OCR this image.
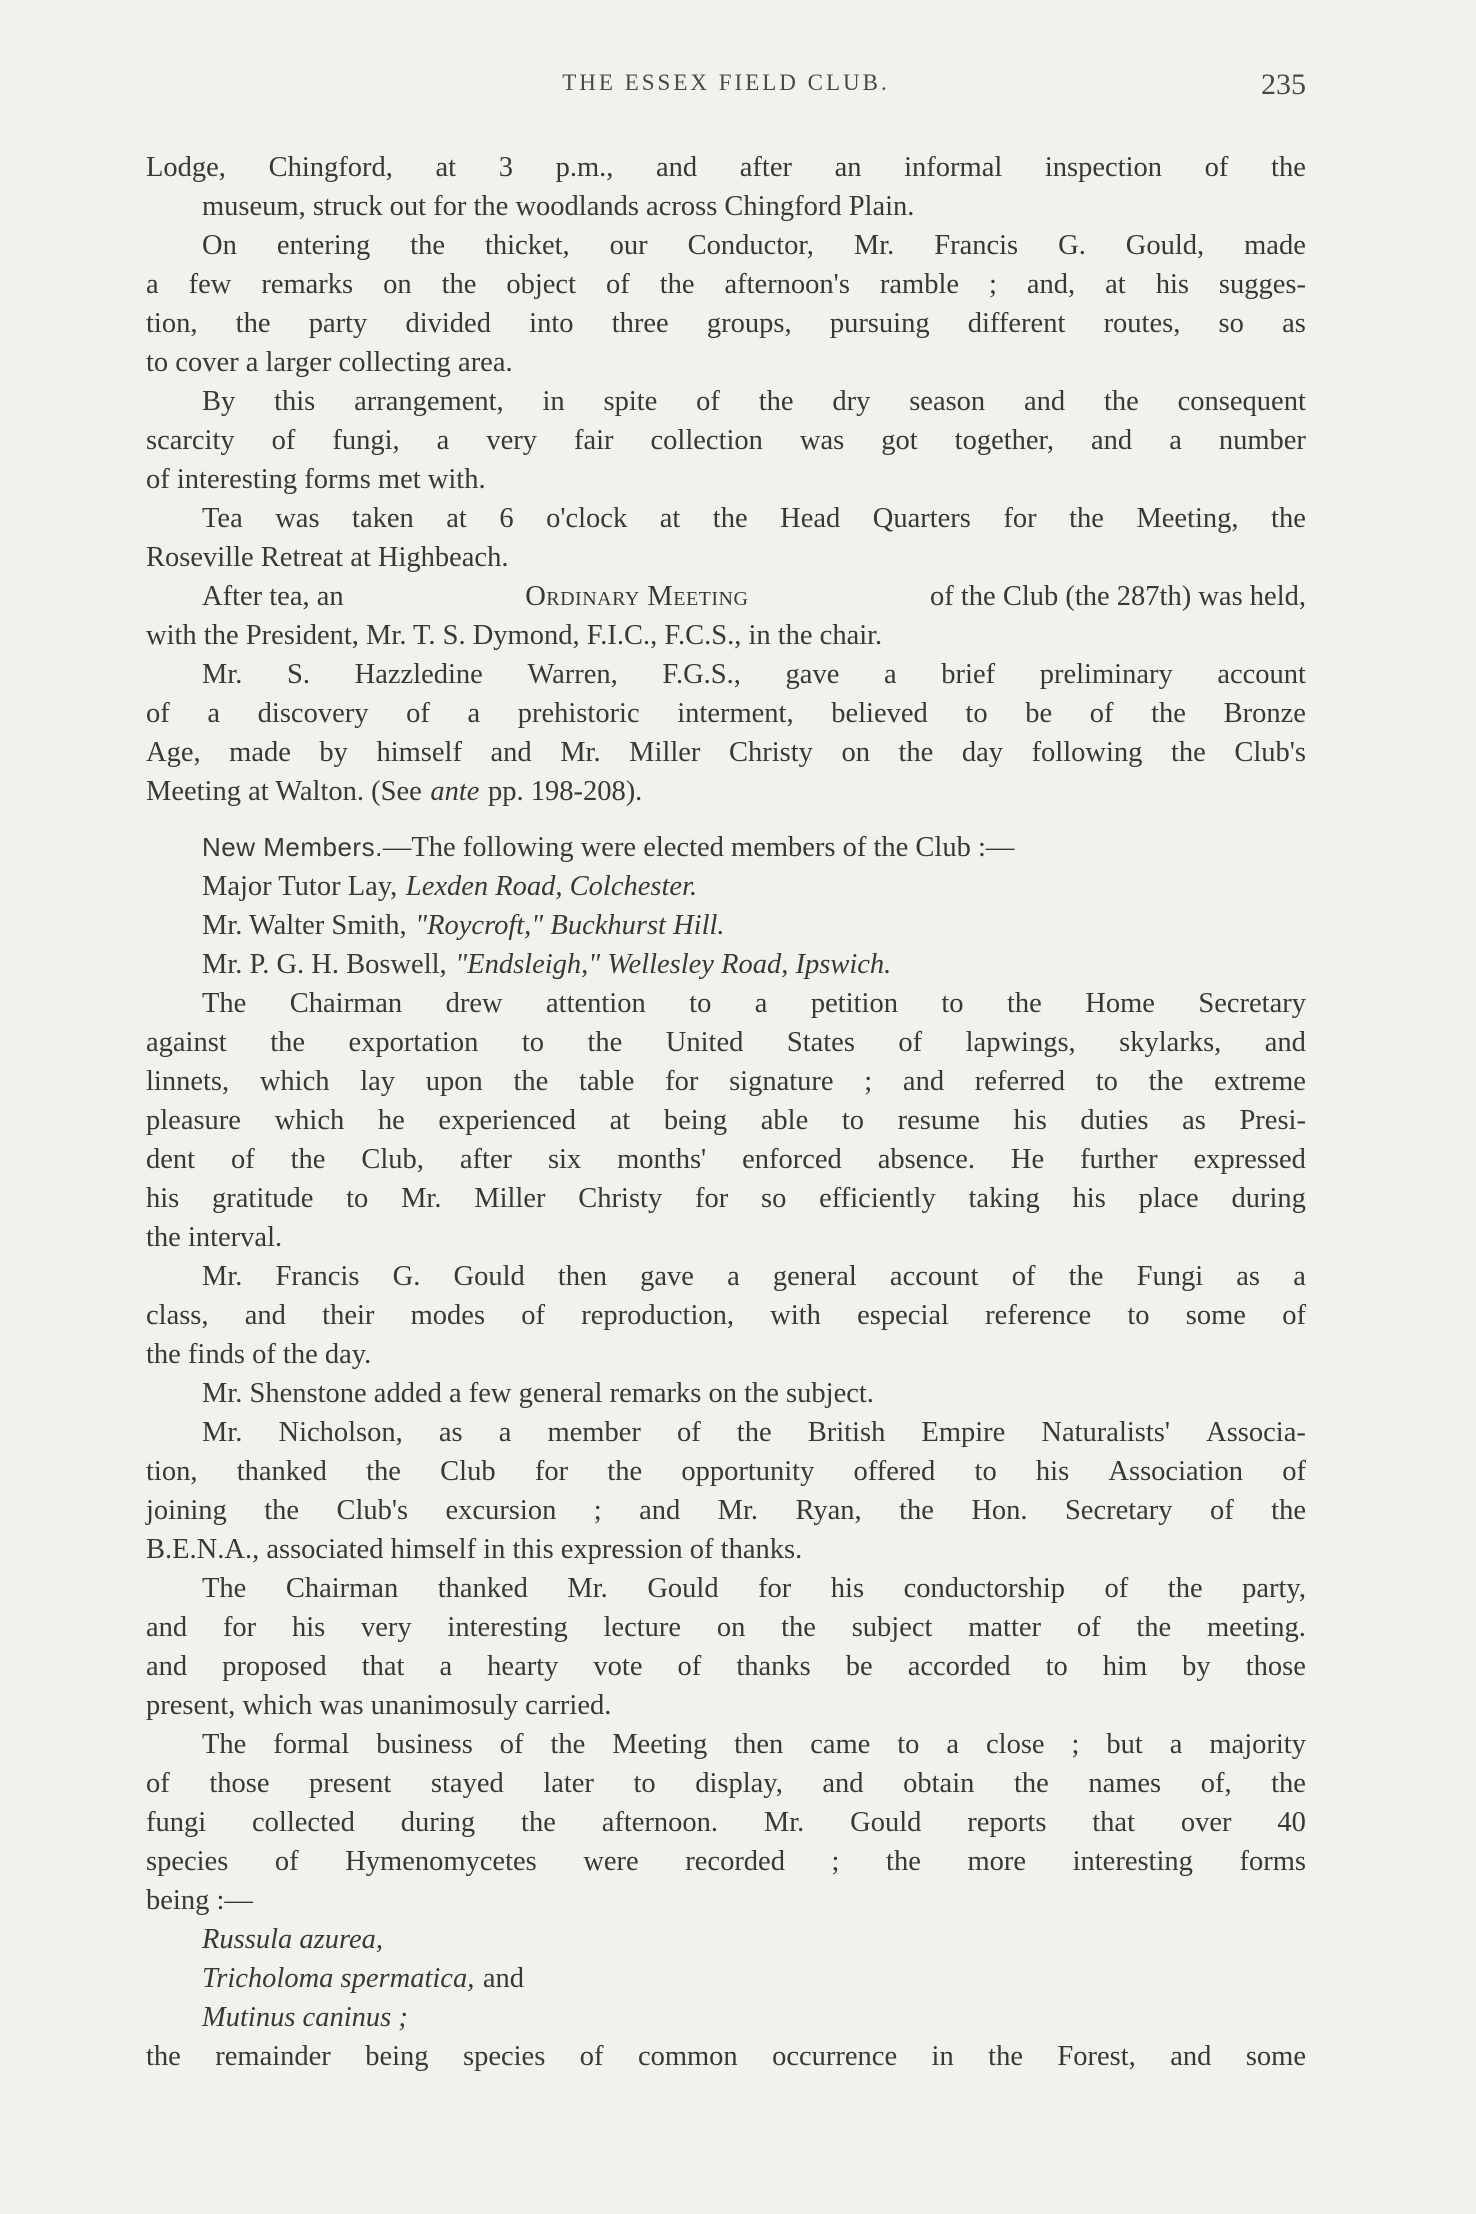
THE ESSEX FIELD CLUB.	235
Lodge, Chingford, at 3 p.m., and after an informal inspection of the
museum, struck out for the woodlands across Chingford Plain.
On entering the thicket, our Conductor, Mr. Francis G. Gould, made
a few remarks on the object of the afternoon's ramble ; and, at his sugges-
tion, the party divided into three groups, pursuing different routes, so as
to cover a larger collecting area.
By this arrangement, in spite of the dry season and the consequent
scarcity of fungi, a very fair collection was got together, and a number
of interesting forms met with.
Tea was taken at 6 o'clock at the Head Quarters for the Meeting, the
Roseville Retreat at Highbeach.
After tea, an	Ordinary Meeting	of the Club (the 287th) was held,
with the President, Mr. T. S. Dymond, F.I.C., F.C.S., in the chair.
Mr. S. Hazzledine Warren, F.G.S., gave a brief preliminary account
of a discovery of a prehistoric interment, believed to be of the Bronze
Age, made by himself and Mr. Miller Christy on the day following the Club's
Meeting at Walton. (See ante pp. 198-208).
New Members. —The following were elected members of the Club :—
Major Tutor Lay, Lexden Road, Colchester.
Mr. Walter Smith, "Roycroft," Buckhurst Hill.
Mr. P. G. H. Boswell, "Endsleigh," Wellesley Road, Ipswich.
The Chairman drew attention to a petition to the Home Secretary
against the exportation to the United States of lapwings, skylarks, and
linnets, which lay upon the table for signature ; and referred to the extreme
pleasure which he experienced at being able to resume his duties as Presi-
dent of the Club, after six months' enforced absence. He further expressed
his gratitude to Mr. Miller Christy for so efficiently taking his place during
the interval.
Mr. Francis G. Gould then gave a general account of the Fungi as a
class, and their modes of reproduction, with especial reference to some of
the finds of the day.
Mr. Shenstone added a few general remarks on the subject.
Mr. Nicholson, as a member of the British Empire Naturalists' Associa-
tion, thanked the Club for the opportunity offered to his Association of
joining the Club's excursion ; and Mr. Ryan, the Hon. Secretary of the
B.E.N.A., associated himself in this expression of thanks.
The Chairman thanked Mr. Gould for his conductorship of the party,
and for his very interesting lecture on the subject matter of the meeting.
and proposed that a hearty vote of thanks be accorded to him by those
present, which was unanimosuly carried.
The formal business of the Meeting then came to a close ; but a majority
of those present stayed later to display, and obtain the names of, the
fungi collected during the afternoon. Mr. Gould reports that over 40
species of Hymenomycetes were recorded ; the more interesting forms
being :—
Russula azurea,
Tricholoma spermatica, and
Mutinus caninus ;
the remainder being species of common occurrence in the Forest, and some
